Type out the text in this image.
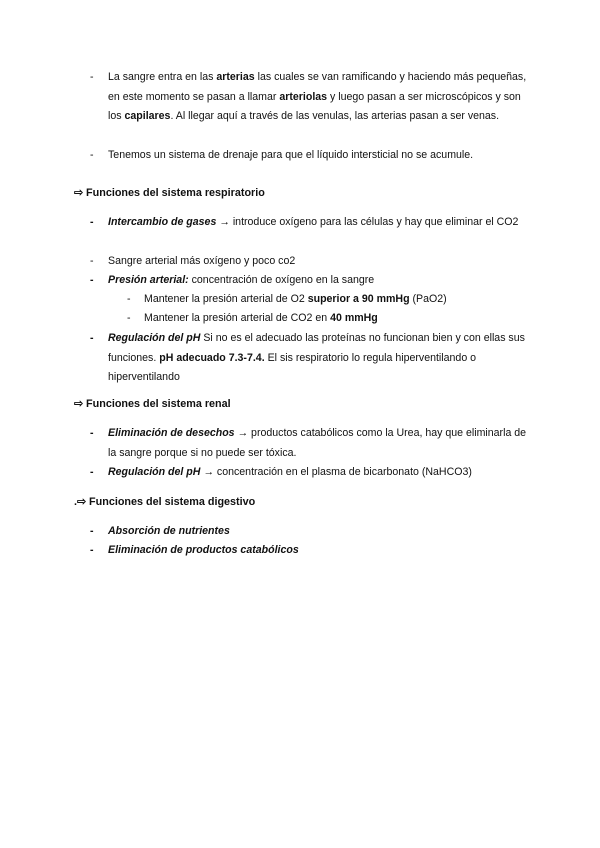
-	La sangre entra en las arterias las cuales se van ramificando y haciendo más pequeñas, en este momento se pasan a llamar arteriolas y luego pasan a ser microscópicos y son los capilares. Al llegar aquí a través de las venulas, las arterias pasan a ser venas.
-	Tenemos un sistema de drenaje para que el líquido intersticial no se acumule.
⇨ Funciones del sistema respiratorio
-	Intercambio de gases → introduce oxígeno para las células y hay que eliminar el CO2
-	Sangre arterial más oxígeno y poco co2
-	Presión arterial: concentración de oxígeno en la sangre
- Mantener la presión arterial de O2 superior a 90 mmHg (PaO2)
- Mantener la presión arterial de CO2 en 40 mmHg
-	Regulación del pH Si no es el adecuado las proteínas no funcionan bien y con ellas sus funciones. pH adecuado 7.3-7.4. El sis respiratorio lo regula hiperventilando o hiperventilando
⇨ Funciones del sistema renal
-	Eliminación de desechos → productos catabólicos como la Urea, hay que eliminarla de la sangre porque si no puede ser tóxica.
-	Regulación del pH → concentración en el plasma de bicarbonato (NaHCO3)
.⇨ Funciones del sistema digestivo
-	Absorción de nutrientes
-	Eliminación de productos catabólicos
